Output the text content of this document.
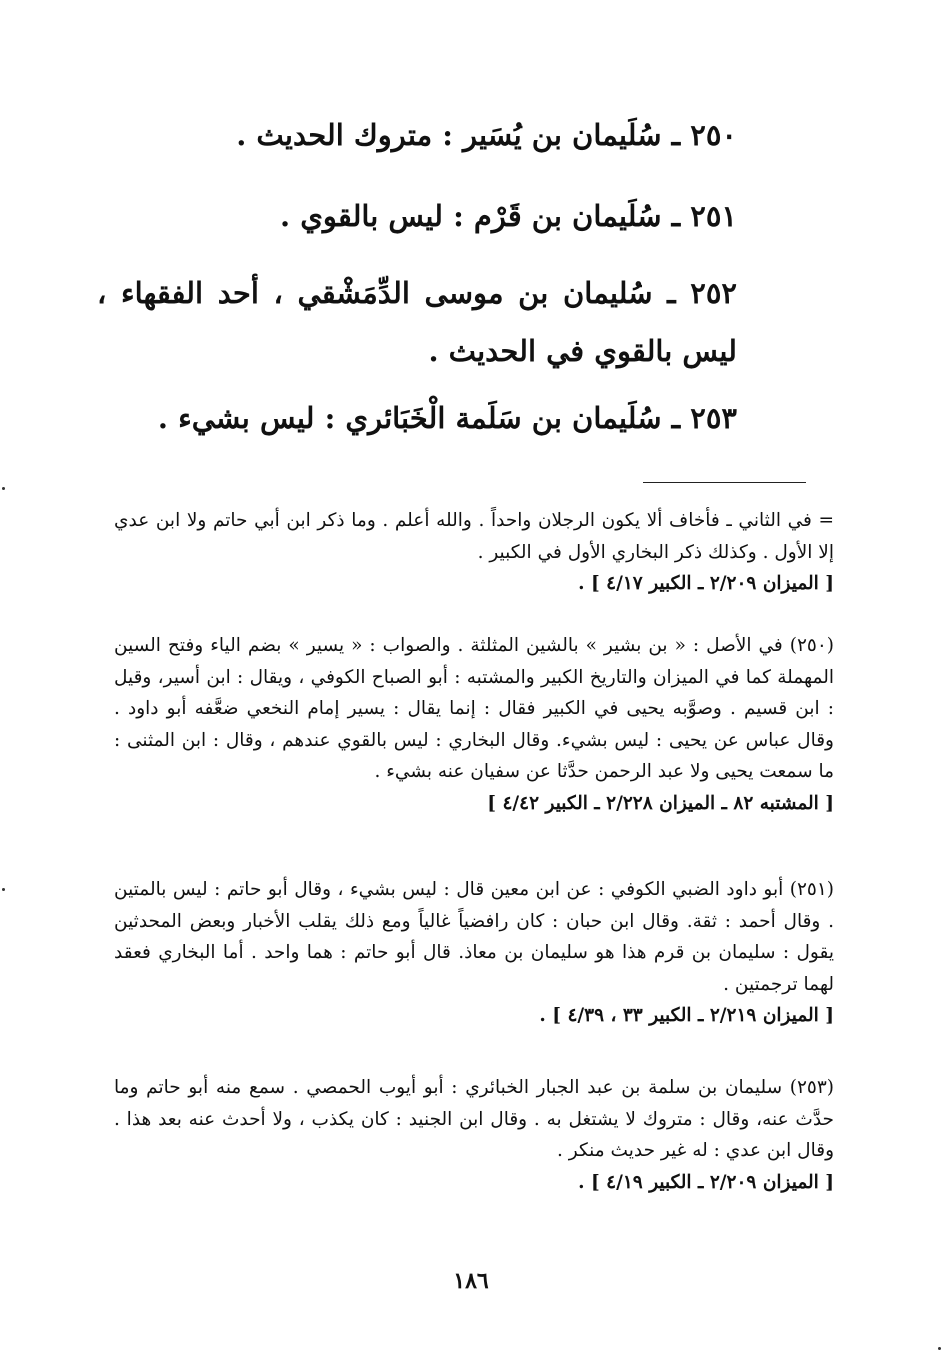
٢٥٠ ـ سُلَيمان بن يُسَير : متروك الحديث .
٢٥١ ـ سُلَيمان بن قَرْم : ليس بالقوي .
٢٥٢ ـ سُليمان بن موسى الدِّمَشْقي ، أحد الفقهاء ، ليس بالقوي في الحديث .
٢٥٣ ـ سُلَيمان بن سَلَمة الْخَبَائري : ليس بشيء .
= في الثاني ـ فأخاف ألا يكون الرجلان واحداً . والله أعلم . وما ذكر ابن أبي حاتم ولا ابن عدي إلا الأول . وكذلك ذكر البخاري الأول في الكبير .
[ الميزان ٢/٢٠٩ ـ الكبير ٤/١٧ ] .
(٢٥٠) في الأصل : « بن بشير » بالشين المثلثة . والصواب : « يسير » بضم الياء وفتح السين المهملة كما في الميزان والتاريخ الكبير والمشتبه : أبو الصباح الكوفي ، ويقال : ابن أسير، وقيل : ابن قسيم . وصوَّبه يحيى في الكبير فقال : إنما يقال : يسير إمام النخعي ضعَّفه أبو داود . وقال عباس عن يحيى : ليس بشيء. وقال البخاري : ليس بالقوي عندهم ، وقال : ابن المثنى : ما سمعت يحيى ولا عبد الرحمن حدَّثا عن سفيان عنه بشيء .
[ المشتبه ٨٢ ـ الميزان ٢/٢٢٨ ـ الكبير ٤/٤٢ ]
(٢٥١) أبو داود الضبي الكوفي : عن ابن معين قال : ليس بشيء ، وقال أبو حاتم : ليس بالمتين . وقال أحمد : ثقة. وقال ابن حبان : كان رافضياً غالياً ومع ذلك يقلب الأخبار وبعض المحدثين يقول : سليمان بن قرم هذا هو سليمان بن معاذ. قال أبو حاتم : هما واحد . أما البخاري فعقد لهما ترجمتين .
[ الميزان ٢/٢١٩ ـ الكبير ٣٣ ، ٤/٣٩ ] .
(٢٥٣) سليمان بن سلمة بن عبد الجبار الخبائري : أبو أيوب الحمصي . سمع منه أبو حاتم وما حدَّث عنه، وقال : متروك لا يشتغل به . وقال ابن الجنيد : كان يكذب ، ولا أحدث عنه بعد هذا . وقال ابن عدي : له غير حديث منكر .
[ الميزان ٢/٢٠٩ ـ الكبير ٤/١٩ ] .
١٨٦
